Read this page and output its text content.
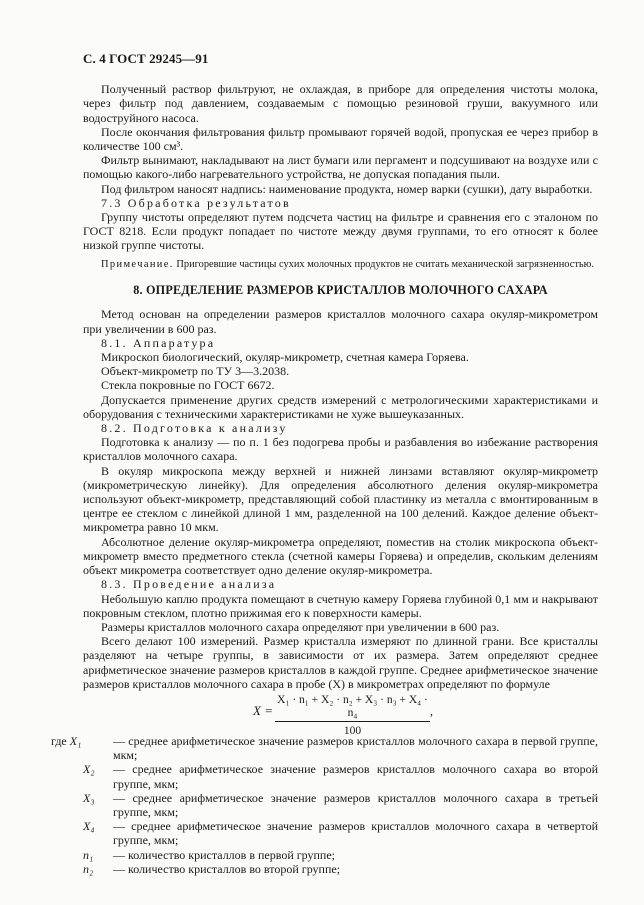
С. 4 ГОСТ 29245—91

Полученный раствор фильтруют, не охлаждая, в приборе для определения чистоты молока, через фильтр под давлением, создаваемым с помощью резиновой груши, вакуумного или водоструйного насоса.

После окончания фильтрования фильтр промывают горячей водой, пропуская ее через прибор в количестве 100 см³.

Фильтр вынимают, накладывают на лист бумаги или пергамент и подсушивают на воздухе или с помощью какого-либо нагревательного устройства, не допуская попадания пыли.

Под фильтром наносят надпись: наименование продукта, номер варки (сушки), дату выработки.

7.3 Обработка результатов

Группу чистоты определяют путем подсчета частиц на фильтре и сравнения его с эталоном по ГОСТ 8218. Если продукт попадает по чистоте между двумя группами, то его относят к более низкой группе чистоты.

Примечание. Пригоревшие частицы сухих молочных продуктов не считать механической загрязненностью.

8. ОПРЕДЕЛЕНИЕ РАЗМЕРОВ КРИСТАЛЛОВ МОЛОЧНОГО САХАРА

Метод основан на определении размеров кристаллов молочного сахара окуляр-микрометром при увеличении в 600 раз.

8.1. Аппаратура

Микроскоп биологический, окуляр-микрометр, счетная камера Горяева.

Объект-микрометр по ТУ 3—3.2038.

Стекла покровные по ГОСТ 6672.

Допускается применение других средств измерений с метрологическими характеристиками и оборудования с техническими характеристиками не хуже вышеуказанных.

8.2. Подготовка к анализу

Подготовка к анализу — по п. 1 без подогрева пробы и разбавления во избежание растворения кристаллов молочного сахара.

В окуляр микроскопа между верхней и нижней линзами вставляют окуляр-микрометр (микрометрическую линейку). Для определения абсолютного деления окуляр-микрометра используют объект-микрометр, представляющий собой пластинку из металла с вмонтированным в центре ее стеклом с линейкой длиной 1 мм, разделенной на 100 делений. Каждое деление объект-микрометра равно 10 мкм.

Абсолютное деление окуляр-микрометра определяют, поместив на столик микроскопа объект-микрометр вместо предметного стекла (счетной камеры Горяева) и определив, скольким делениям объект микрометра соответствует одно деление окуляр-микрометра.

8.3. Проведение анализа

Небольшую каплю продукта помещают в счетную камеру Горяева глубиной 0,1 мм и накрывают покровным стеклом, плотно прижимая его к поверхности камеры.

Размеры кристаллов молочного сахара определяют при увеличении в 600 раз.

Всего делают 100 измерений. Размер кристалла измеряют по длинной грани. Все кристаллы разделяют на четыре группы, в зависимости от их размера. Затем определяют среднее арифметическое значение размеров кристаллов в каждой группе. Среднее арифметическое значение размеров кристаллов молочного сахара в пробе (X) в микрометрах определяют по формуле

$X = \frac{\text{X₁ · n₁ + X₂ · n₂ + X₃ · n₃ + X₄ · n₄}}{100}$ ,
где X₁	— среднее арифметическое значение размеров кристаллов молочного сахара в первой группе, мкм;
X₂	— среднее арифметическое значение размеров кристаллов молочного сахара во второй группе, мкм;
X₃	— среднее арифметическое значение размеров кристаллов молочного сахара в третьей группе, мкм;
X₄	— среднее арифметическое значение размеров кристаллов молочного сахара в четвертой группе, мкм;
n₁	— количество кристаллов в первой группе;
n₂	— количество кристаллов во второй группе;
